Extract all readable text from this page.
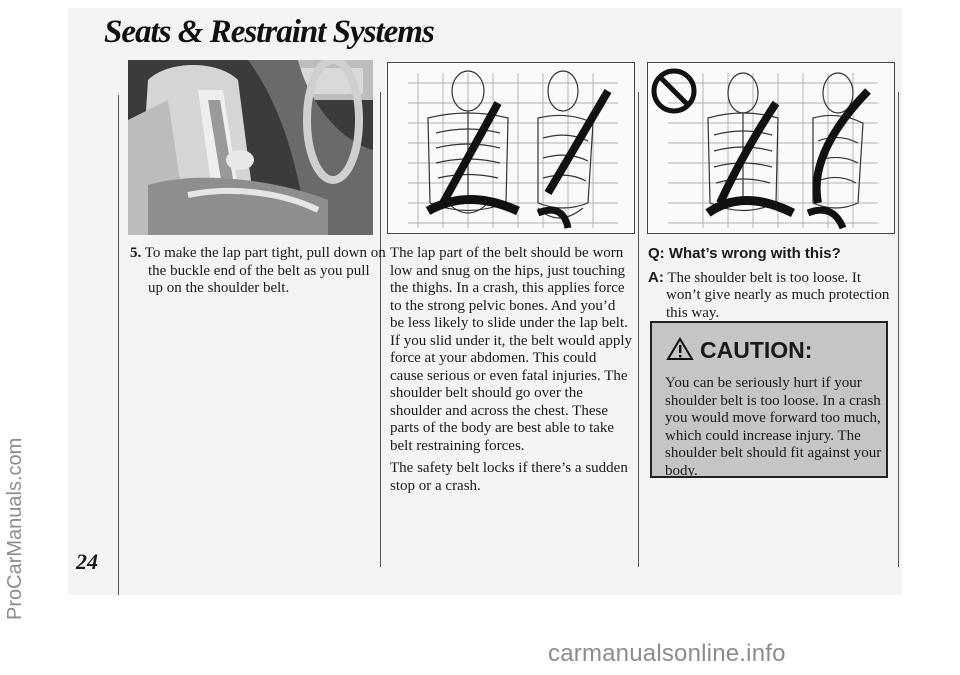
Seats & Restraint Systems
5. To make the lap part tight, pull down on the buckle end of the belt as you pull up on the shoulder belt.

The lap part of the belt should be worn low and snug on the hips, just touching the thighs. In a crash, this applies force to the strong pelvic bones. And you’d be less likely to slide under the lap belt. If you slid under it, the belt would apply force at your abdomen. This could cause serious or even fatal injuries. The shoulder belt should go over the shoulder and across the chest. These parts of the body are best able to take belt restraining forces.

The safety belt locks if there’s a sudden stop or a crash.

Q: What’s wrong with this?
A: The shoulder belt is too loose. It won’t give nearly as much protection this way.
CAUTION:
You can be seriously hurt if your shoulder belt is too loose. In a crash you would move forward too much, which could increase injury. The shoulder belt should fit against your body.
24
ProCarManuals.com
carmanualsonline.info
